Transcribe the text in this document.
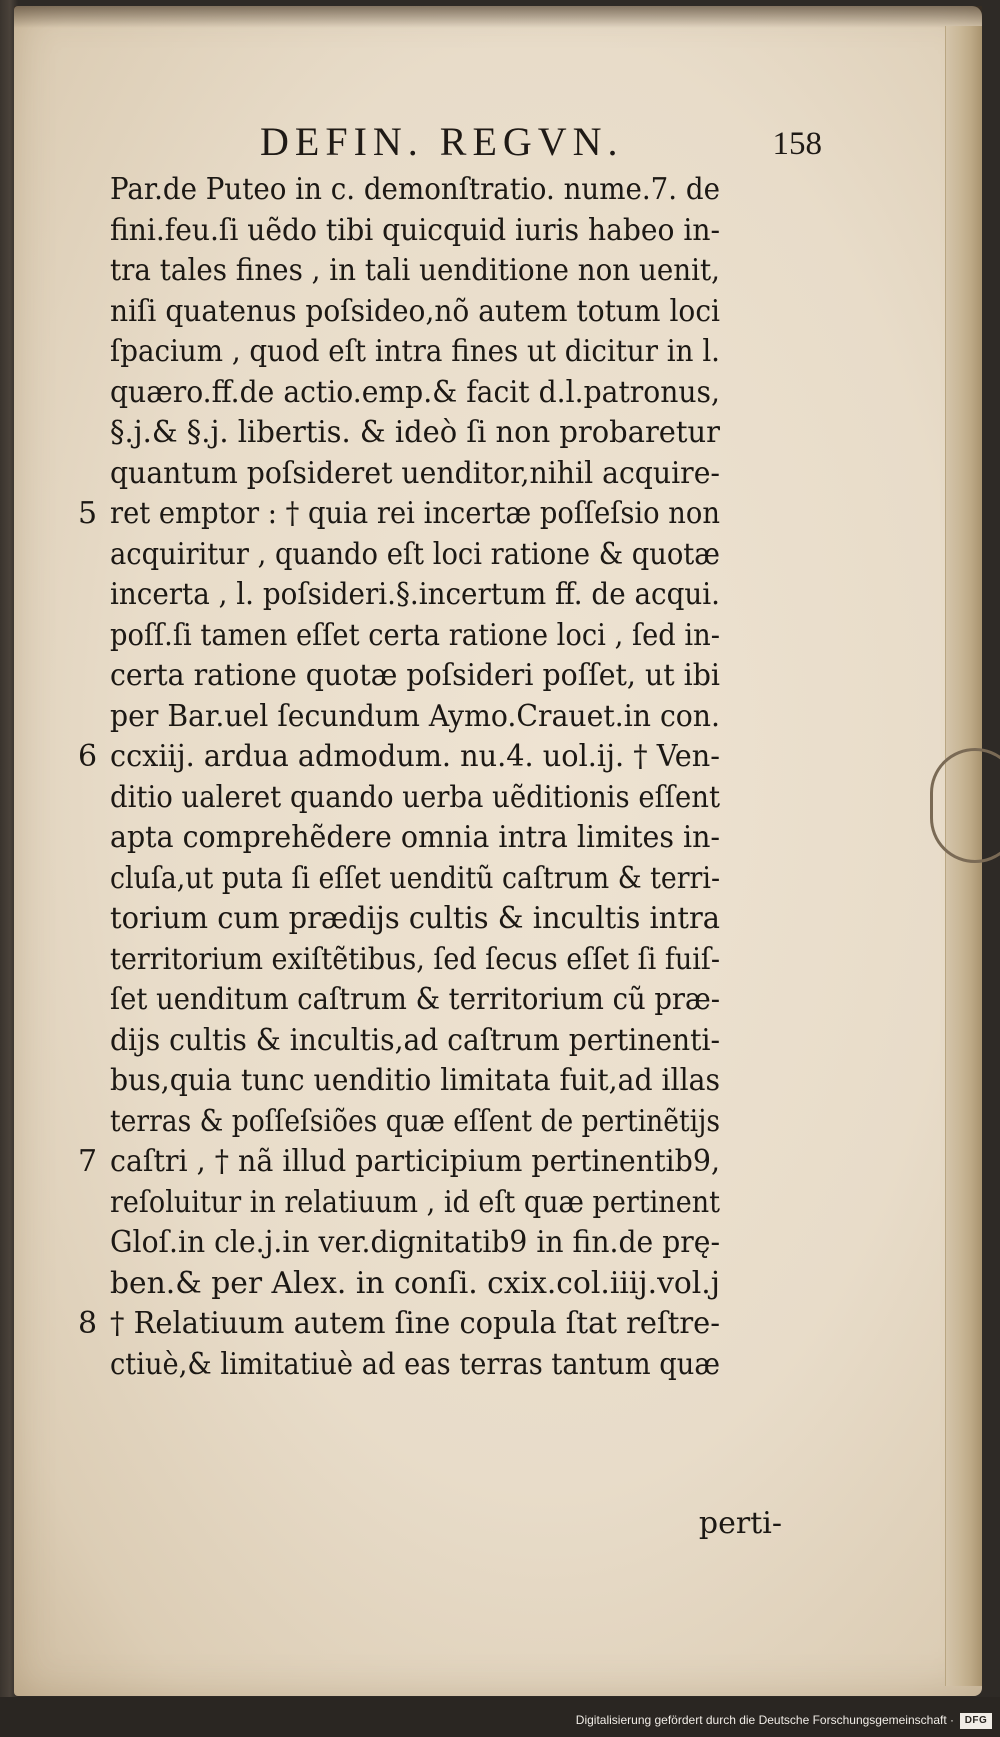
DEFIN. REGVN.	158
Par.de Puteo in c. demonſtratio. nume.7. de
fini.feu.ſi uẽdo tibi quicquid iuris habeo in-
tra tales fines , in tali uenditione non uenit,
niſi quatenus poſsideo,nõ autem totum loci
ſpacium , quod eſt intra fines ut dicitur in l.
quæro.ff.de actio.emp.& facit d.l.patronus,
§.j.& §.j. libertis. & ideò ſi non probaretur
quantum poſsideret uenditor,nihil acquire-
5 ret emptor : † quia rei incertæ poſſeſsio non
acquiritur , quando eſt loci ratione & quotæ
incerta , l. poſsideri.§.incertum ff. de acqui.
poſſ.ſi tamen eſſet certa ratione loci , ſed in-
certa ratione quotæ poſsideri poſſet, ut ibi
per Bar.uel ſecundum Aymo.Crauet.in con.
6 ccxiij. ardua admodum. nu.4. uol.ij. † Ven-
ditio ualeret quando uerba uẽditionis eſſent
apta comprehẽdere omnia intra limites in-
cluſa,ut puta ſi eſſet uenditũ caſtrum & terri-
torium cum prædijs cultis & incultis intra
territorium exiſtẽtibus, ſed ſecus eſſet ſi fuiſ-
ſet uenditum caſtrum & territorium cũ præ-
dijs cultis & incultis,ad caſtrum pertinenti-
bus,quia tunc uenditio limitata fuit,ad illas
terras & poſſeſsiões quæ eſſent de pertinẽtijs
7 caſtri , † nã illud participium pertinentib9,
reſoluitur in relatiuum , id eſt quæ pertinent
Gloſ.in cle.j.in ver.dignitatib9 in fin.de prę-
ben.& per Alex. in conſi. cxix.col.iiij.vol.j
8 † Relatiuum autem ſine copula ſtat reſtre-
ctiuè,& limitatiuè ad eas terras tantum quæ
perti-
Digitalisierung gefördert durch die Deutsche Forschungsgemeinschaft ·	DFG
